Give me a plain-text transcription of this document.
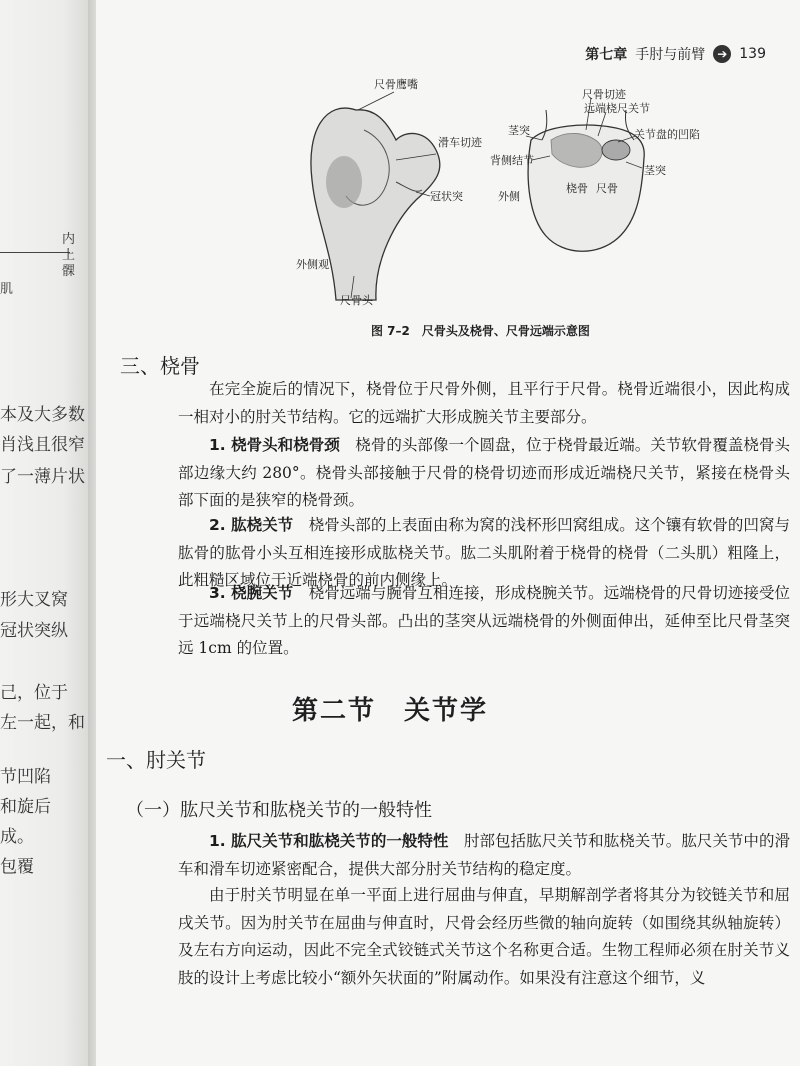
本及大多数
肖浅且很窄
了一薄片状
形大叉窝
冠状突纵
己，位于
左一起，和
节凹陷
和旋后
成。
包覆
内
上
髁
肌
第七章 手肘与前臂 ➔ 139
尺骨鹰嘴
滑车切迹
冠状突
外侧观
尺骨头
尺骨切迹
远端桡尺关节
关节盘的凹陷
茎突
背侧结节
外侧
桡骨 尺骨
茎突
图 7–2　尺骨头及桡骨、尺骨远端示意图
三、桡骨
在完全旋后的情况下，桡骨位于尺骨外侧，且平行于尺骨。桡骨近端很小，因此构成一相对小的肘关节结构。它的远端扩大形成腕关节主要部分。
1. 桡骨头和桡骨颈　桡骨的头部像一个圆盘，位于桡骨最近端。关节软骨覆盖桡骨头部边缘大约 280°。桡骨头部接触于尺骨的桡骨切迹而形成近端桡尺关节，紧接在桡骨头部下面的是狭窄的桡骨颈。
2. 肱桡关节　桡骨头部的上表面由称为窝的浅杯形凹窝组成。这个镶有软骨的凹窝与肱骨的肱骨小头互相连接形成肱桡关节。肱二头肌附着于桡骨的桡骨（二头肌）粗隆上，此粗糙区域位于近端桡骨的前内侧缘上。
3. 桡腕关节　桡骨远端与腕骨互相连接，形成桡腕关节。远端桡骨的尺骨切迹接受位于远端桡尺关节上的尺骨头部。凸出的茎突从远端桡骨的外侧面伸出，延伸至比尺骨茎突远 1cm 的位置。
第二节　关节学
一、肘关节
（一）肱尺关节和肱桡关节的一般特性
1. 肱尺关节和肱桡关节的一般特性　肘部包括肱尺关节和肱桡关节。肱尺关节中的滑车和滑车切迹紧密配合，提供大部分肘关节结构的稳定度。
由于肘关节明显在单一平面上进行屈曲与伸直，早期解剖学者将其分为铰链关节和屈戌关节。因为肘关节在屈曲与伸直时，尺骨会经历些微的轴向旋转（如围绕其纵轴旋转）及左右方向运动，因此不完全式铰链式关节这个名称更合适。生物工程师必须在肘关节义肢的设计上考虑比较小“额外矢状面的”附属动作。如果没有注意这个细节，义
